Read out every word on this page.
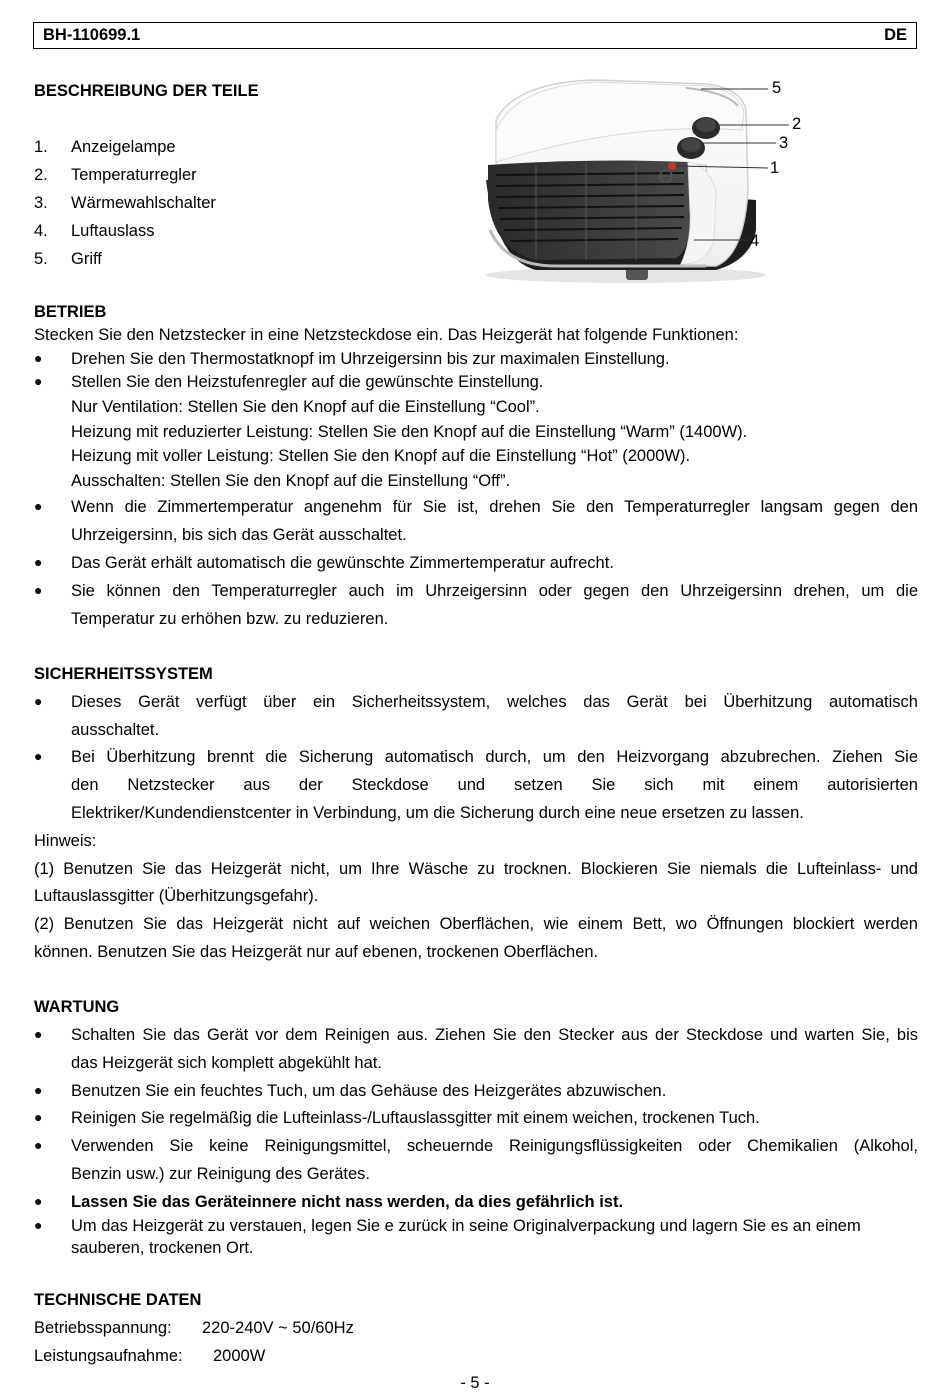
BH-110699.1	DE
BESCHREIBUNG DER TEILE
1. Anzeigelampe
2. Temperaturregler
3. Wärmewahlschalter
4. Luftauslass
5. Griff
5
2
3
1
4
BETRIEB
Stecken Sie den Netzstecker in eine Netzsteckdose ein. Das Heizgerät hat folgende Funktionen:
● Drehen Sie den Thermostatknopf im Uhrzeigersinn bis zur maximalen Einstellung.
● Stellen Sie den Heizstufenregler auf die gewünschte Einstellung.
Nur Ventilation: Stellen Sie den Knopf auf die Einstellung “Cool”.
Heizung mit reduzierter Leistung: Stellen Sie den Knopf auf die Einstellung “Warm” (1400W).
Heizung mit voller Leistung: Stellen Sie den Knopf auf die Einstellung “Hot” (2000W).
Ausschalten: Stellen Sie den Knopf auf die Einstellung “Off”.
● Wenn die Zimmertemperatur angenehm für Sie ist, drehen Sie den Temperaturregler langsam gegen den
Uhrzeigersinn, bis sich das Gerät ausschaltet.
● Das Gerät erhält automatisch die gewünschte Zimmertemperatur aufrecht.
● Sie können den Temperaturregler auch im Uhrzeigersinn oder gegen den Uhrzeigersinn drehen, um die
Temperatur zu erhöhen bzw. zu reduzieren.
SICHERHEITSSYSTEM
● Dieses Gerät verfügt über ein Sicherheitssystem, welches das Gerät bei Überhitzung automatisch
ausschaltet.
● Bei Überhitzung brennt die Sicherung automatisch durch, um den Heizvorgang abzubrechen. Ziehen Sie
den Netzstecker aus der Steckdose und setzen Sie sich mit einem autorisierten
Elektriker/Kundendienstcenter in Verbindung, um die Sicherung durch eine neue ersetzen zu lassen.
Hinweis:
(1) Benutzen Sie das Heizgerät nicht, um Ihre Wäsche zu trocknen. Blockieren Sie niemals die Lufteinlass- und
Luftauslassgitter (Überhitzungsgefahr).
(2) Benutzen Sie das Heizgerät nicht auf weichen Oberflächen, wie einem Bett, wo Öffnungen blockiert werden
können. Benutzen Sie das Heizgerät nur auf ebenen, trockenen Oberflächen.
WARTUNG
● Schalten Sie das Gerät vor dem Reinigen aus. Ziehen Sie den Stecker aus der Steckdose und warten Sie, bis
das Heizgerät sich komplett abgekühlt hat.
● Benutzen Sie ein feuchtes Tuch, um das Gehäuse des Heizgerätes abzuwischen.
● Reinigen Sie regelmäßig die Lufteinlass-/Luftauslassgitter mit einem weichen, trockenen Tuch.
● Verwenden Sie keine Reinigungsmittel, scheuernde Reinigungsflüssigkeiten oder Chemikalien (Alkohol,
Benzin usw.) zur Reinigung des Gerätes.
● Lassen Sie das Geräteinnere nicht nass werden, da dies gefährlich ist.
● Um das Heizgerät zu verstauen, legen Sie e zurück in seine Originalverpackung und lagern Sie es an einem
sauberen, trockenen Ort.
TECHNISCHE DATEN
Betriebsspannung: 220-240V ~ 50/60Hz
Leistungsaufnahme: 2000W
- 5 -
